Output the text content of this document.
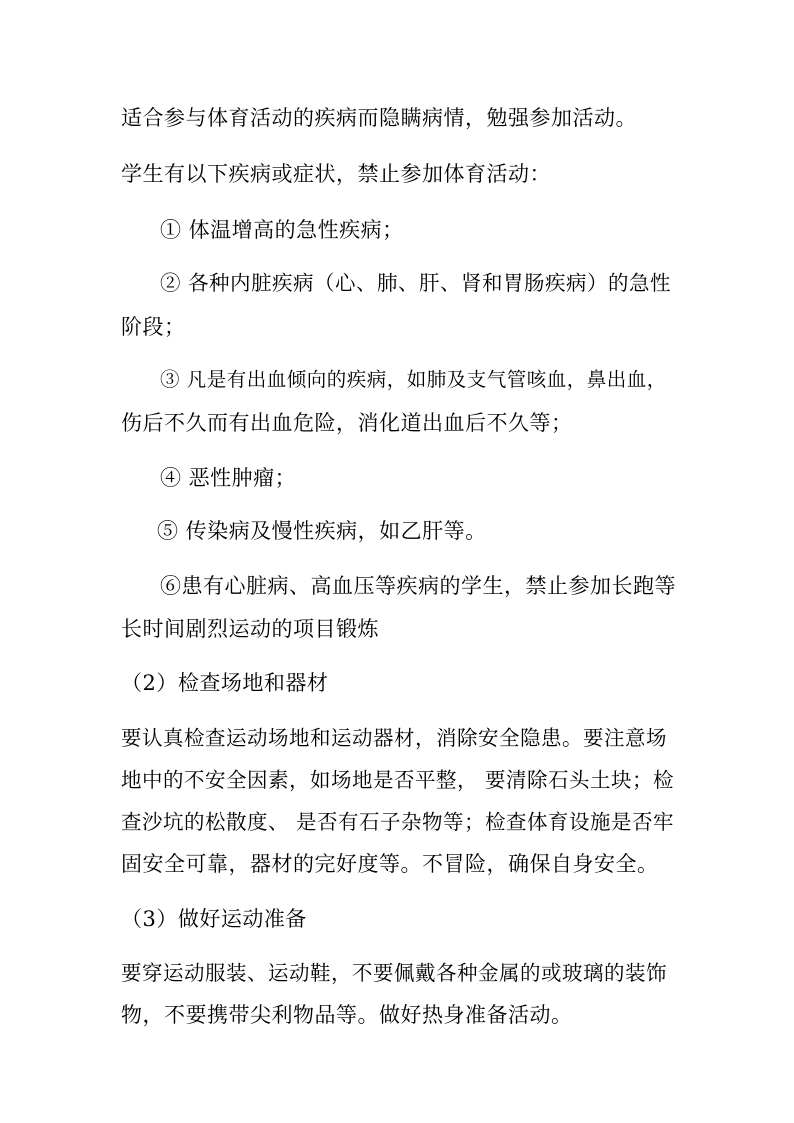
适合参与体育活动的疾病而隐瞒病情，勉强参加活动。
学生有以下疾病或症状，禁止参加体育活动：
① 体温增高的急性疾病；
② 各种内脏疾病（心、肺、肝、肾和胃肠疾病）的急性
阶段；
③ 凡是有出血倾向的疾病，如肺及支气管咳血，鼻出血，
伤后不久而有出血危险，消化道出血后不久等；
④ 恶性肿瘤；
⑤ 传染病及慢性疾病，如乙肝等。
⑥患有心脏病、高血压等疾病的学生，禁止参加长跑等
长时间剧烈运动的项目锻炼
（2）检查场地和器材
要认真检查运动场地和运动器材，消除安全隐患。要注意场
地中的不安全因素，如场地是否平整， 要清除石头土块；检
查沙坑的松散度、 是否有石子杂物等；检查体育设施是否牢
固安全可靠，器材的完好度等。不冒险，确保自身安全。
（3）做好运动准备
要穿运动服装、运动鞋，不要佩戴各种金属的或玻璃的装饰
物，不要携带尖利物品等。做好热身准备活动。
